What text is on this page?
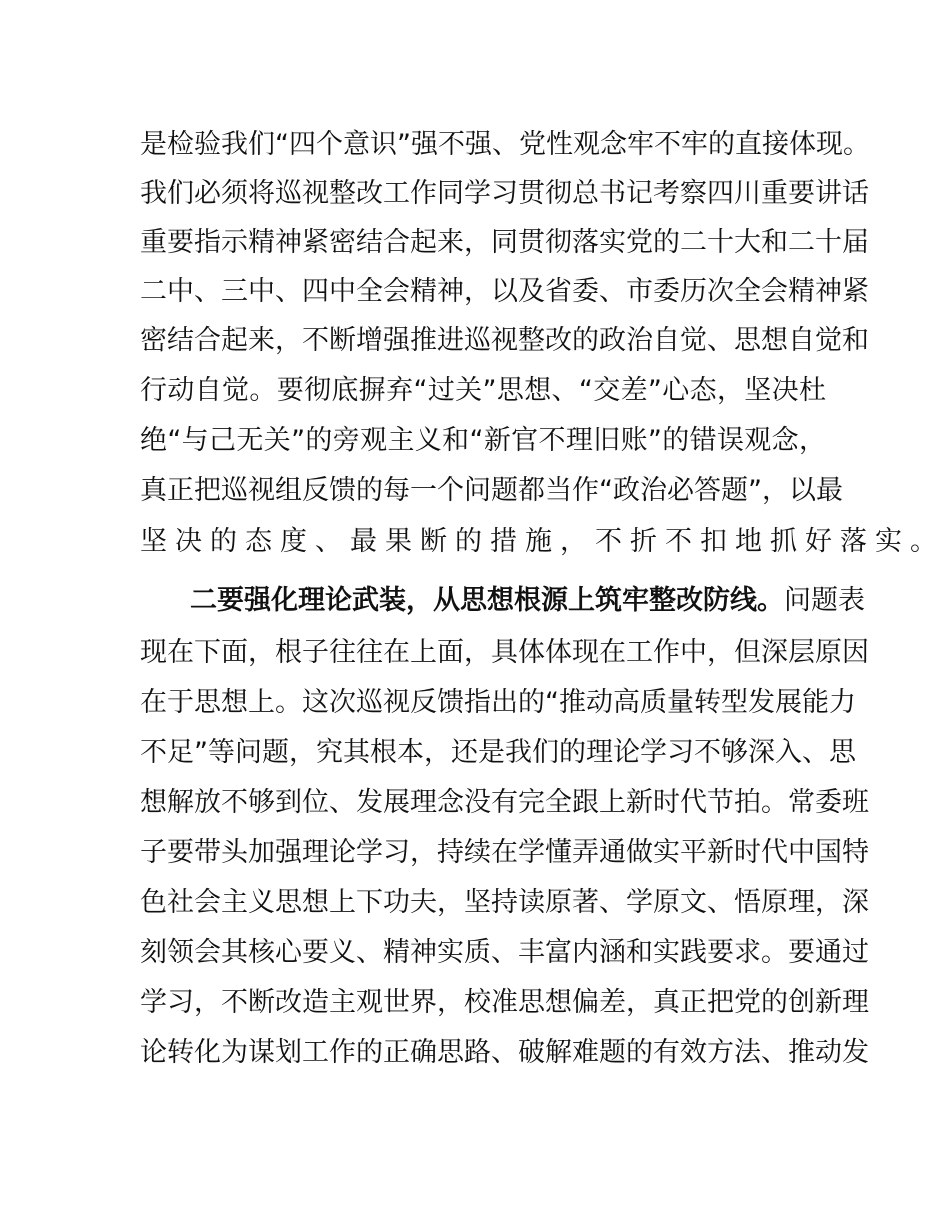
是检验我们“四个意识”强不强、党性观念牢不牢的直接体现。
我们必须将巡视整改工作同学习贯彻总书记考察四川重要讲话
重要指示精神紧密结合起来，同贯彻落实党的二十大和二十届
二中、三中、四中全会精神，以及省委、市委历次全会精神紧
密结合起来，不断增强推进巡视整改的政治自觉、思想自觉和
行动自觉。要彻底摒弃“过关”思想、“交差”心态，坚决杜
绝“与己无关”的旁观主义和“新官不理旧账”的错误观念，
真正把巡视组反馈的每一个问题都当作“政治必答题”，以最
坚决的态度、最果断的措施，不折不扣地抓好落实。
二要强化理论武装，从思想根源上筑牢整改防线。问题表
现在下面，根子往往在上面，具体体现在工作中，但深层原因
在于思想上。这次巡视反馈指出的“推动高质量转型发展能力
不足”等问题，究其根本，还是我们的理论学习不够深入、思
想解放不够到位、发展理念没有完全跟上新时代节拍。常委班
子要带头加强理论学习，持续在学懂弄通做实平新时代中国特
色社会主义思想上下功夫，坚持读原著、学原文、悟原理，深
刻领会其核心要义、精神实质、丰富内涵和实践要求。要通过
学习，不断改造主观世界，校准思想偏差，真正把党的创新理
论转化为谋划工作的正确思路、破解难题的有效方法、推动发
